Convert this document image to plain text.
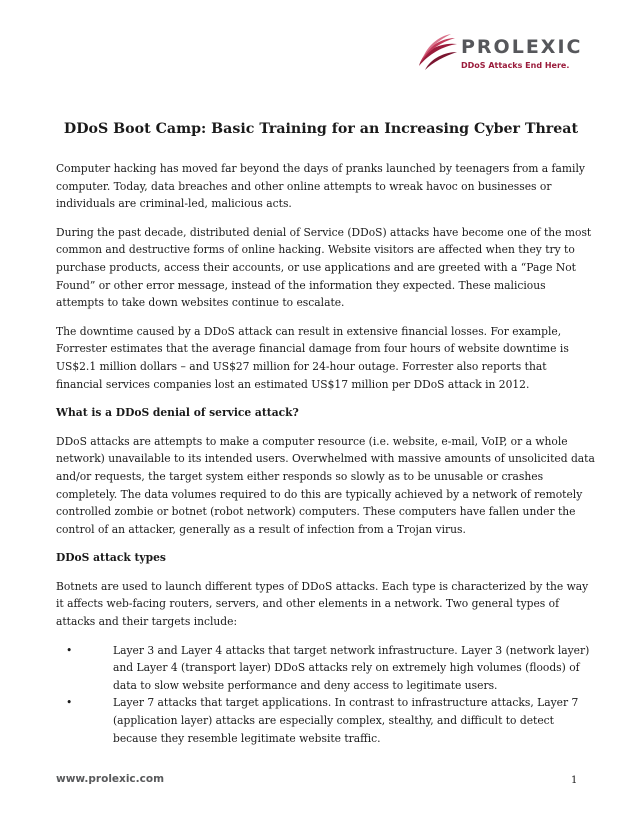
PROLEXIC
DDoS Attacks End Here.
DDoS Boot Camp: Basic Training for an Increasing Cyber Threat

Computer hacking has moved far beyond the days of pranks launched by teenagers from a family computer. Today, data breaches and other online attempts to wreak havoc on businesses or individuals are criminal-led, malicious acts.

During the past decade, distributed denial of Service (DDoS) attacks have become one of the most common and destructive forms of online hacking. Website visitors are affected when they try to purchase products, access their accounts, or use applications and are greeted with a “Page Not Found” or other error message, instead of the information they expected. These malicious attempts to take down websites continue to escalate.

The downtime caused by a DDoS attack can result in extensive financial losses. For example, Forrester estimates that the average financial damage from four hours of website downtime is US$2.1 million dollars – and US$27 million for 24-hour outage. Forrester also reports that financial services companies lost an estimated US$17 million per DDoS attack in 2012.

What is a DDoS denial of service attack?

DDoS attacks are attempts to make a computer resource (i.e. website, e-mail, VoIP, or a whole network) unavailable to its intended users. Overwhelmed with massive amounts of unsolicited data and/or requests, the target system either responds so slowly as to be unusable or crashes completely. The data volumes required to do this are typically achieved by a network of remotely controlled zombie or botnet (robot network) computers. These computers have fallen under the control of an attacker, generally as a result of infection from a Trojan virus.

DDoS attack types

Botnets are used to launch different types of DDoS attacks. Each type is characterized by the way it affects web-facing routers, servers, and other elements in a network. Two general types of attacks and their targets include:

•	Layer 3 and Layer 4 attacks that target network infrastructure. Layer 3 (network layer) and Layer 4 (transport layer) DDoS attacks rely on extremely high volumes (floods) of data to slow website performance and deny access to legitimate users.
•	Layer 7 attacks that target applications. In contrast to infrastructure attacks, Layer 7 (application layer) attacks are especially complex, stealthy, and difficult to detect because they resemble legitimate website traffic.
www.prolexic.com	1
